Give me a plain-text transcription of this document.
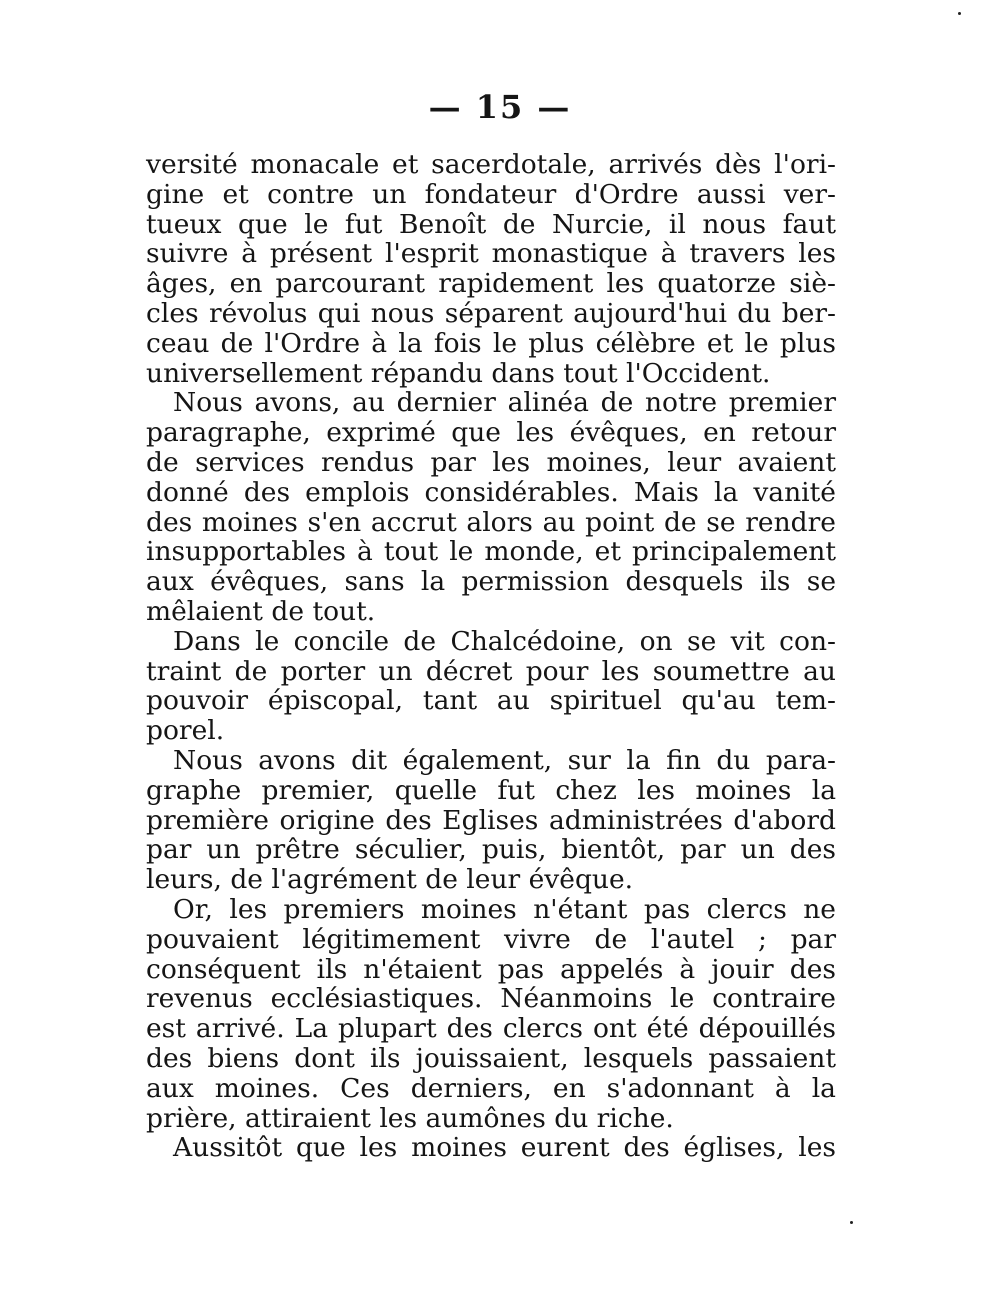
— 15 —
versité monacale et sacerdotale, arrivés dès l'ori-
gine et contre un fondateur d'Ordre aussi ver-
tueux que le fut Benoît de Nurcie, il nous faut
suivre à présent l'esprit monastique à travers les
âges, en parcourant rapidement les quatorze siè-
cles révolus qui nous séparent aujourd'hui du ber-
ceau de l'Ordre à la fois le plus célèbre et le plus
universellement répandu dans tout l'Occident.
Nous avons, au dernier alinéa de notre premier
paragraphe, exprimé que les évêques, en retour
de services rendus par les moines, leur avaient
donné des emplois considérables. Mais la vanité
des moines s'en accrut alors au point de se rendre
insupportables à tout le monde, et principalement
aux évêques, sans la permission desquels ils se
mêlaient de tout.
Dans le concile de Chalcédoine, on se vit con-
traint de porter un décret pour les soumettre au
pouvoir épiscopal, tant au spirituel qu'au tem-
porel.
Nous avons dit également, sur la fin du para-
graphe premier, quelle fut chez les moines la
première origine des Eglises administrées d'abord
par un prêtre séculier, puis, bientôt, par un des
leurs, de l'agrément de leur évêque.
Or, les premiers moines n'étant pas clercs ne
pouvaient légitimement vivre de l'autel ; par
conséquent ils n'étaient pas appelés à jouir des
revenus ecclésiastiques. Néanmoins le contraire
est arrivé. La plupart des clercs ont été dépouillés
des biens dont ils jouissaient, lesquels passaient
aux moines. Ces derniers, en s'adonnant à la
prière, attiraient les aumônes du riche.
Aussitôt que les moines eurent des églises, les
